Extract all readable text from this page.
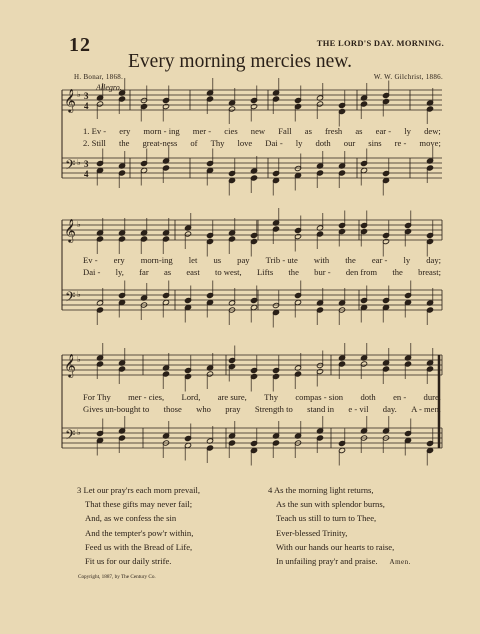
12	THE LORD'S DAY. MORNING.
Every morning mercies new.
H. Bonar, 1868.	W. W. Gilchrist, 1886.
Allegro.
𝄞
𝄢
♭
♭
3
4
3
4
𝄞
𝄢
♭
♭
𝄞
𝄢
♭
♭
1. Ev - ery morn - ing mer - cies new Fall as fresh as ear - ly dew;
2. Still the great-ness of Thy love Dai - ly doth our sins re - move;
Ev - ery morn-ing let us pay Trib - ute with the ear - ly day;
Dai - ly, far as east to west, Lifts the bur - den from the breast;
For Thy mer - cies, Lord, are sure, Thy compas - sion doth en - dure.
Gives un-bought to those who pray Strength to stand in e - vil day. A - men.
3 Let our pray'rs each morn prevail,
That these gifts may never fail;
And, as we confess the sin
And the tempter's pow'r within,
Feed us with the Bread of Life,
Fit us for our daily strife.
4 As the morning light returns,
As the sun with splendor burns,
Teach us still to turn to Thee,
Ever-blessed Trinity,
With our hands our hearts to raise,
In unfailing pray'r and praise. Amen.
Copyright, 1887, by The Century Co.
